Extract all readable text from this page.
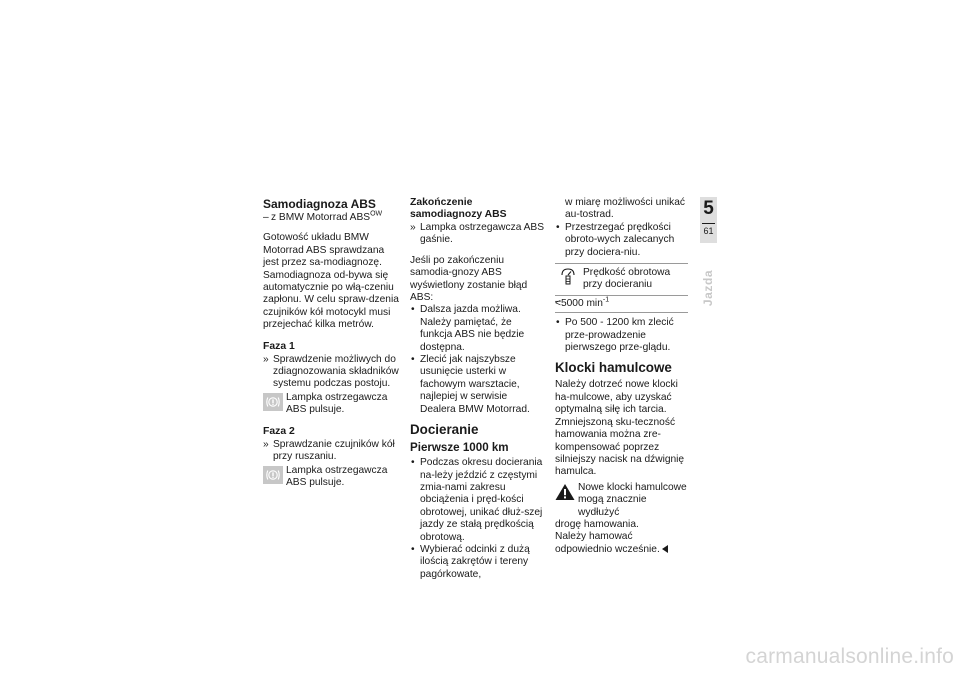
Samodiagnoza ABS

– z BMW Motorrad $ABS^{OW}$

Gotowość układu BMW Motorrad ABS sprawdzana jest przez sa-modiagnozę. Samodiagnoza od-bywa się automatycznie po włą-czeniu zapłonu. W celu spraw-dzenia czujników kół motocykl musi przejechać kilka metrów.

Faza 1
» Sprawdzenie możliwych do zdiagnozowania składników systemu podczas postoju.

Lampka ostrzegawcza ABS pulsuje.

Faza 2
» Sprawdzanie czujników kół przy ruszaniu.

Lampka ostrzegawcza ABS pulsuje.

Zakończenie samodiagnozy ABS
» Lampka ostrzegawcza ABS gaśnie.

Jeśli po zakończeniu samodia-gnozy ABS wyświetlony zostanie błąd ABS:

• Dalsza jazda możliwa. Należy pamiętać, że funkcja ABS nie będzie dostępna.
• Zlecić jak najszybsze usunięcie usterki w fachowym warsztacie, najlepiej w serwisie Dealera BMW Motorrad.
Docieranie
Pierwsze 1000 km
• Podczas okresu docierania na-leży jeździć z częstymi zmia-nami zakresu obciążenia i pręd-kości obrotowej, unikać dłuż-szej jazdy ze stałą prędkością obrotową.
• Wybierać odcinki z dużą ilością zakrętów i tereny pagórkowate,

w miarę możliwości unikać au-tostrad.

• Przestrzegać prędkości obroto-wych zalecanych przy dociera-niu.

Prędkość obrotowa przy docieraniu

– <5000 $\min^{-1}$
• Po 500 - 1200 km zlecić prze-prowadzenie pierwszego prze-glądu.
Klocki hamulcowe

Należy dotrzeć nowe klocki ha-mulcowe, aby uzyskać optymalną siłę ich tarcia. Zmniejszoną sku-teczność hamowania można zre-kompensować poprzez silniejszy nacisk na dźwignię hamulca.

Nowe klocki hamulcowe mogą znacznie wydłużyć

drogę hamowania.

Należy hamować odpowiednio wcześnie.

5
61
Jazda
carmanualsonline.info
